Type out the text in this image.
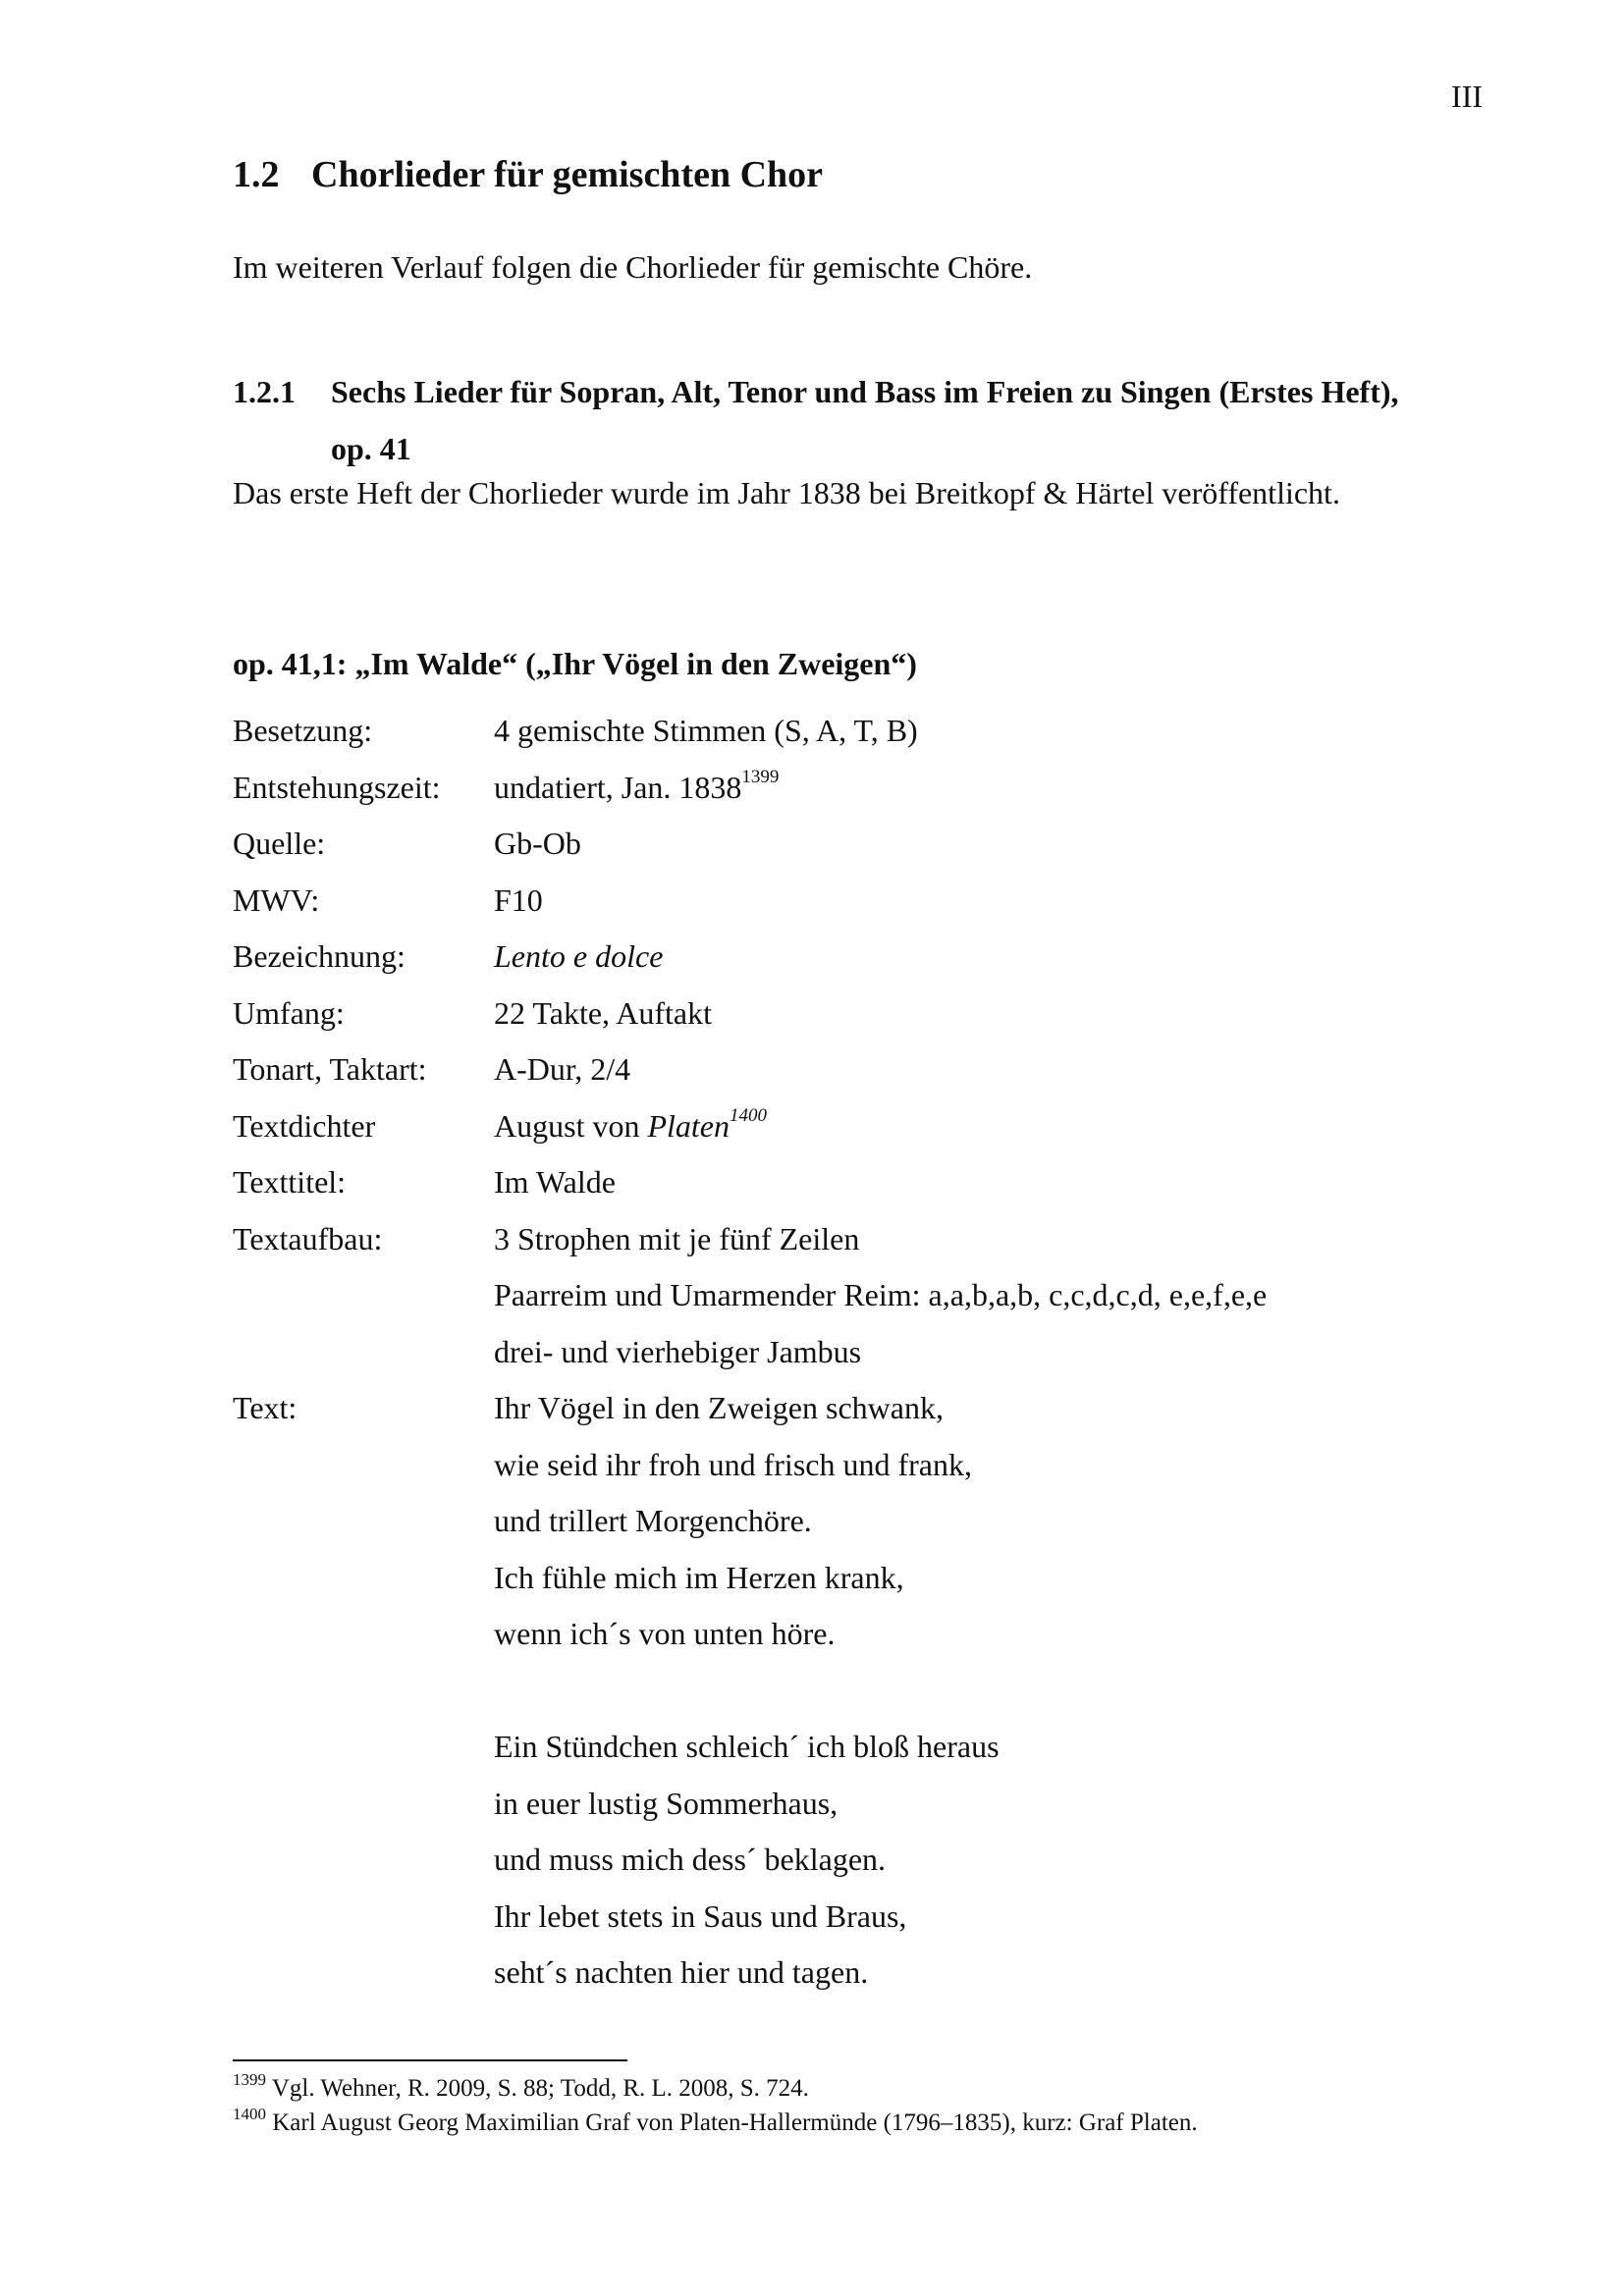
III
1.2 Chorlieder für gemischten Chor
Im weiteren Verlauf folgen die Chorlieder für gemischte Chöre.
1.2.1 Sechs Lieder für Sopran, Alt, Tenor und Bass im Freien zu Singen (Erstes Heft),
op. 41
Das erste Heft der Chorlieder wurde im Jahr 1838 bei Breitkopf & Härtel veröffentlicht.
op. 41,1: „Im Walde“ („Ihr Vögel in den Zweigen“)
Besetzung:	4 gemischte Stimmen (S, A, T, B)
Entstehungszeit: undatiert, Jan. $1838^{1399}$
Quelle:	Gb-Ob
MWV:	F10
Bezeichnung:	Lento e dolce
Umfang:	22 Takte, Auftakt
Tonart, Taktart: A-Dur, 2/4
Textdichter	August von Platen$^{1400}$
Texttitel:	Im Walde
Textaufbau:	3 Strophen mit je fünf Zeilen
Paarreim und Umarmender Reim: a,a,b,a,b, c,c,d,c,d, e,e,f,e,e
drei- und vierhebiger Jambus
Text:	Ihr Vögel in den Zweigen schwank,
wie seid ihr froh und frisch und frank,
und trillert Morgenchöre.
Ich fühle mich im Herzen krank,
wenn ich´s von unten höre.
Ein Stündchen schleich´ ich bloß heraus
in euer lustig Sommerhaus,
und muss mich dess´ beklagen.
Ihr lebet stets in Saus und Braus,
seht´s nachten hier und tagen.
$^{1399}$ Vgl. Wehner, R. 2009, S. 88; Todd, R. L. 2008, S. 724.
$^{1400}$ Karl August Georg Maximilian Graf von Platen-Hallermünde (1796–1835), kurz: Graf Platen.
